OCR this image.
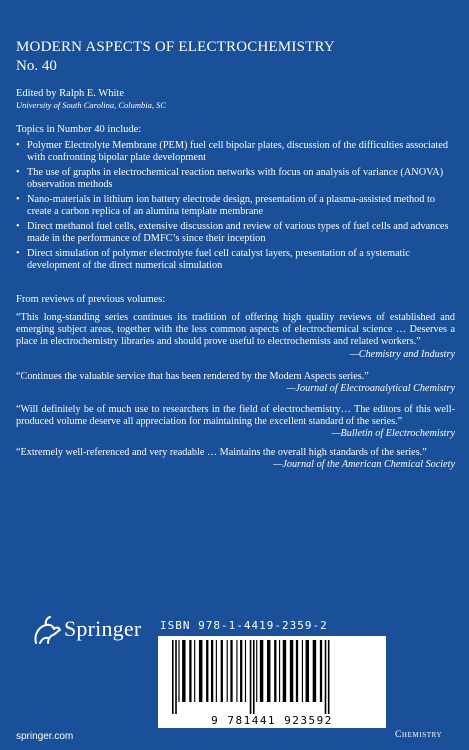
MODERN ASPECTS OF ELECTROCHEMISTRY
No. 40
Edited by Ralph E. White
University of South Carolina, Columbia, SC
Topics in Number 40 include:
• Polymer Electrolyte Membrane (PEM) fuel cell bipolar plates, discussion of the difficulties associated with confronting bipolar plate development
• The use of graphs in electrochemical reaction networks with focus on analysis of variance (ANOVA) observation methods
• Nano-materials in lithium ion battery electrode design, presentation of a plasma-assisted method to create a carbon replica of an alumina template membrane
• Direct methanol fuel cells, extensive discussion and review of various types of fuel cells and advances made in the performance of DMFC’s since their inception
• Direct simulation of polymer electrolyte fuel cell catalyst layers, presentation of a systematic development of the direct numerical simulation
From reviews of previous volumes:

“This long-standing series continues its tradition of offering high quality reviews of established and emerging subject areas, together with the less common aspects of electrochemical science … Deserves a place in electrochemistry libraries and should prove useful to electrochemists and related workers.”

—Chemistry and Industry

“Continues the valuable service that has been rendered by the Modern Aspects series.”

—Journal of Electroanalytical Chemistry

“Will definitely be of much use to researchers in the field of electrochemistry… The editors of this well-produced volume deserve all appreciation for maintaining the excellent standard of the series.”

—Bulletin of Electrochemistry

“Extremely well-referenced and very readable … Maintains the overall high standards of the series.”

—Journal of the American Chemical Society

Springer
springer.com
ISBN 978-1-4419-2359-2
9 781441 923592
Chemistry
